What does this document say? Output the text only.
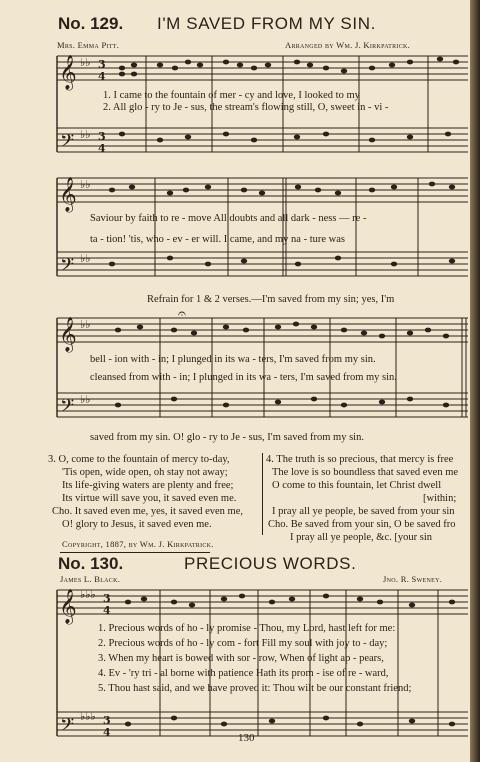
No. 129. I'M SAVED FROM MY SIN.
Mrs. Emma Pitt.	Arranged by Wm. J. Kirkpatrick.
𝄞
𝄢
𝄞
𝄢
𝄞
𝄢
𝄞
𝄢
♭♭ 3
4
♭♭ 3
4
♭♭
♭♭
♭♭
♭♭
♭♭♭ 3
4
♭♭♭ 3
4
𝄐
1. I came to the fountain of mer - cy and love, I looked to my
2. All glo - ry to Je - sus, the stream's flowing still, O, sweet in - vi -
Saviour by faith to re - move All doubts and all dark - ness — re -
ta - tion! 'tis, who - ev - er will. I came, and my na - ture was
Refrain for 1 & 2 verses.—I'm saved from my sin; yes, I'm
bell - ion with - in; I plunged in its wa - ters, I'm saved from my sin.
cleansed from with - in; I plunged in its wa - ters, I'm saved from my sin.
saved from my sin. O! glo - ry to Je - sus, I'm saved from my sin.
3. O, come to the fountain of mercy to-day,
'Tis open, wide open, oh stay not away;
Its life-giving waters are plenty and free;
Its virtue will save you, it saved even me.
Cho. It saved even me, yes, it saved even me,
O! glory to Jesus, it saved even me.
4. The truth is so precious, that mercy is free
The love is so boundless that saved even me
O come to this fountain, let Christ dwell
[within;
I pray all ye people, be saved from your sin
Cho. Be saved from your sin, O be saved fro
I pray all ye people, &c. [your sin
Copyright, 1887, by Wm. J. Kirkpatrick.
No. 130.	PRECIOUS WORDS.
James L. Black.	Jno. R. Sweney.
1. Precious words of ho - ly promise - Thou, my Lord, hast left for me:
2. Precious words of ho - ly com - fort Fill my soul with joy to - day;
3. When my heart is bowed with sor - row, When of light ap - pears,
4. Ev - 'ry tri - al borne with patience Hath its prom - ise of re - ward,
5. Thou hast said, and we have proved it: Thou wilt be our constant friend;
130
